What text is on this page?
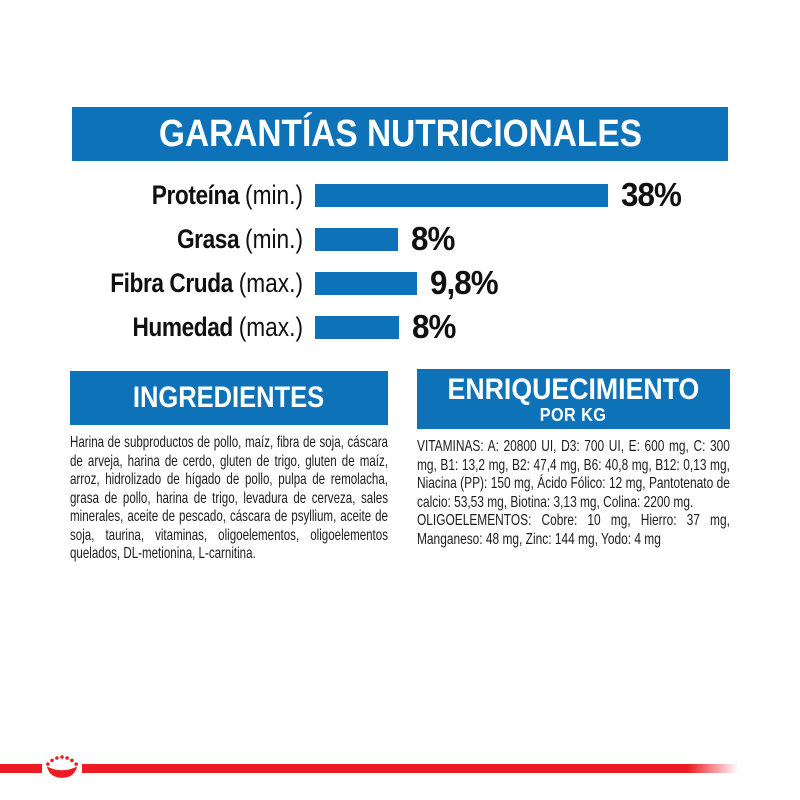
GARANTÍAS NUTRICIONALES
Proteína (min.)	38%
Grasa (min.)	8%
Fibra Cruda (max.)	9,8%
Humedad (max.)	8%
INGREDIENTES
Harina de subproductos de pollo, maíz, fibra de soja, cáscara de arveja, harina de cerdo, gluten de trigo, gluten de maíz, arroz, hidrolizado de hígado de pollo, pulpa de remolacha, grasa de pollo, harina de trigo, levadura de cerveza, sales minerales, aceite de pescado, cáscara de psyllium, aceite de soja, taurina, vitaminas, oligoelementos, oligoelementos quelados, DL-metionina, L-carnitina.
ENRIQUECIMIENTO
POR KG

VITAMINAS: A: 20800 UI, D3: 700 UI, E: 600 mg, C: 300 mg, B1: 13,2 mg, B2: 47,4 mg, B6: 40,8 mg, B12: 0,13 mg, Niacina (PP): 150 mg, Ácido Fólico: 12 mg, Pantotenato de calcio: 53,53 mg, Biotina: 3,13 mg, Colina: 2200 mg.

OLIGOELEMENTOS: Cobre: 10 mg, Hierro: 37 mg, Manganeso: 48 mg, Zinc: 144 mg, Yodo: 4 mg
